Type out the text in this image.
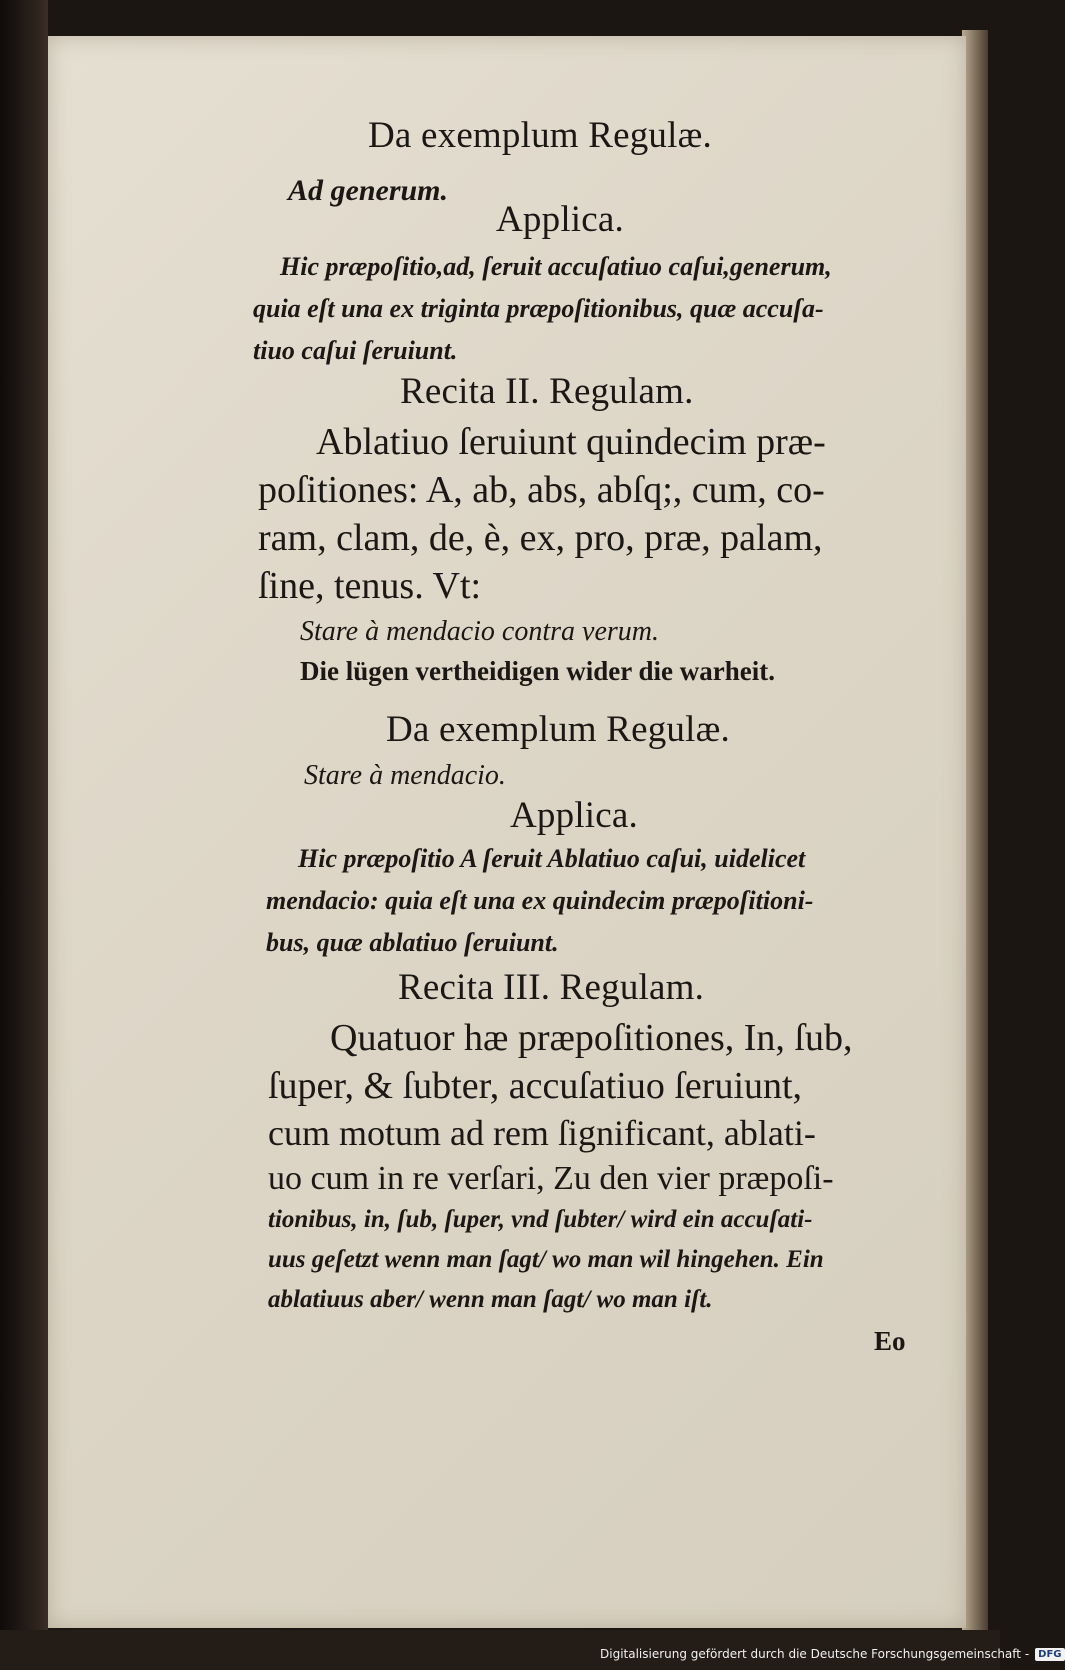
Da exemplum Regulæ.
Ad generum.
Applica.
Hic præpoſitio,ad, ſeruit accuſatiuo caſui,generum,
quia eſt una ex triginta præpoſitionibus, quæ accuſa-
tiuo caſui ſeruiunt.
Recita II. Regulam.
Ablatiuo ſeruiunt quindecim præ-
poſitiones: A, ab, abs, abſq;, cum, co-
ram, clam, de, è, ex, pro, præ, palam,
ſine, tenus. Vt:
Stare à mendacio contra verum.
Die lügen vertheidigen wider die warheit.
Da exemplum Regulæ.
Stare à mendacio.
Applica.
Hic præpoſitio A ſeruit Ablatiuo caſui, uidelicet
mendacio: quia eſt una ex quindecim præpoſitioni-
bus, quæ ablatiuo ſeruiunt.
Recita III. Regulam.
Quatuor hæ præpoſitiones, In, ſub,
ſuper, & ſubter, accuſatiuo ſeruiunt,
cum motum ad rem ſignificant, ablati-
uo cum in re verſari, Zu den vier præpoſi-
tionibus, in, ſub, ſuper, vnd ſubter/ wird ein accuſati-
uus geſetzt wenn man ſagt/ wo man wil hingehen. Ein
ablatiuus aber/ wenn man ſagt/ wo man iſt.
Eo
Digitalisierung gefördert durch die Deutsche Forschungsgemeinschaft - DFG
